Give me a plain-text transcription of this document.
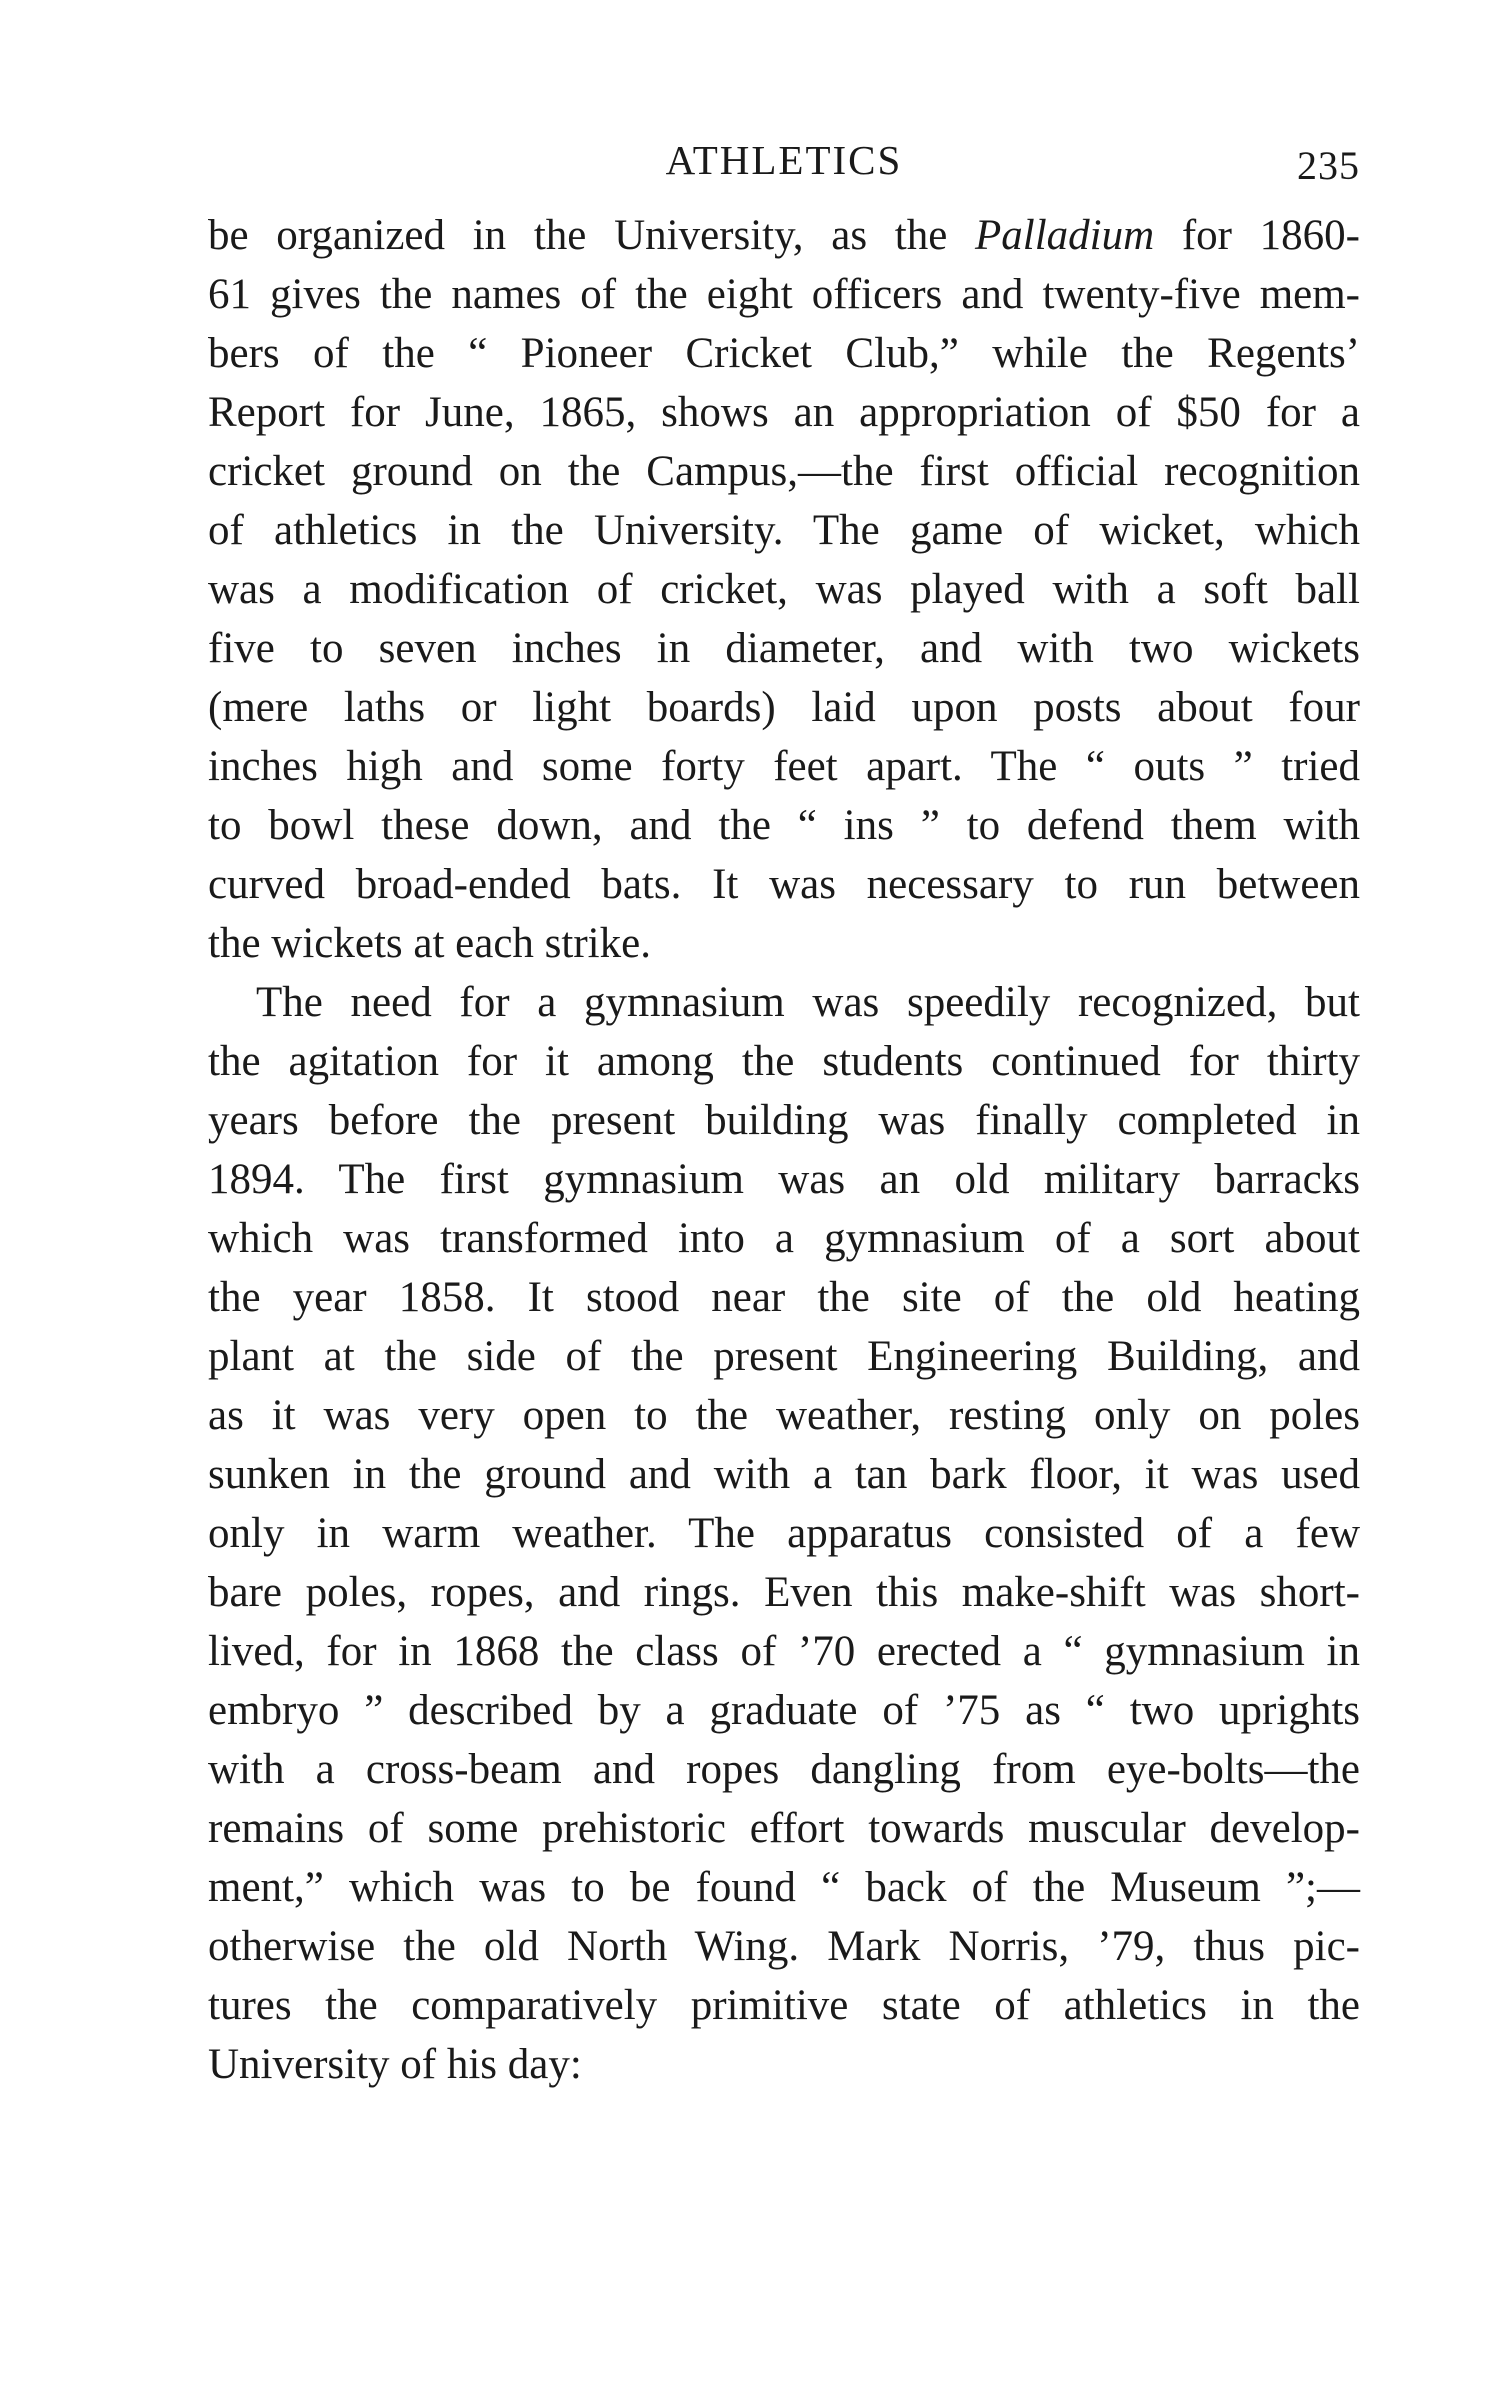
ATHLETICS	235
be organized in the University, as the Palladium for 1860-
61 gives the names of the eight officers and twenty-five mem-
bers of the “ Pioneer Cricket Club,” while the Regents’
Report for June, 1865, shows an appropriation of $50 for a
cricket ground on the Campus,—the first official recognition
of athletics in the University. The game of wicket, which
was a modification of cricket, was played with a soft ball
five to seven inches in diameter, and with two wickets
(mere laths or light boards) laid upon posts about four
inches high and some forty feet apart. The “ outs ” tried
to bowl these down, and the “ ins ” to defend them with
curved broad-ended bats. It was necessary to run between
the wickets at each strike.
The need for a gymnasium was speedily recognized, but
the agitation for it among the students continued for thirty
years before the present building was finally completed in
1894. The first gymnasium was an old military barracks
which was transformed into a gymnasium of a sort about
the year 1858. It stood near the site of the old heating
plant at the side of the present Engineering Building, and
as it was very open to the weather, resting only on poles
sunken in the ground and with a tan bark floor, it was used
only in warm weather. The apparatus consisted of a few
bare poles, ropes, and rings. Even this make-shift was short-
lived, for in 1868 the class of ’70 erected a “ gymnasium in
embryo ” described by a graduate of ’75 as “ two uprights
with a cross-beam and ropes dangling from eye-bolts—the
remains of some prehistoric effort towards muscular develop-
ment,” which was to be found “ back of the Museum ”;—
otherwise the old North Wing. Mark Norris, ’79, thus pic-
tures the comparatively primitive state of athletics in the
University of his day:
